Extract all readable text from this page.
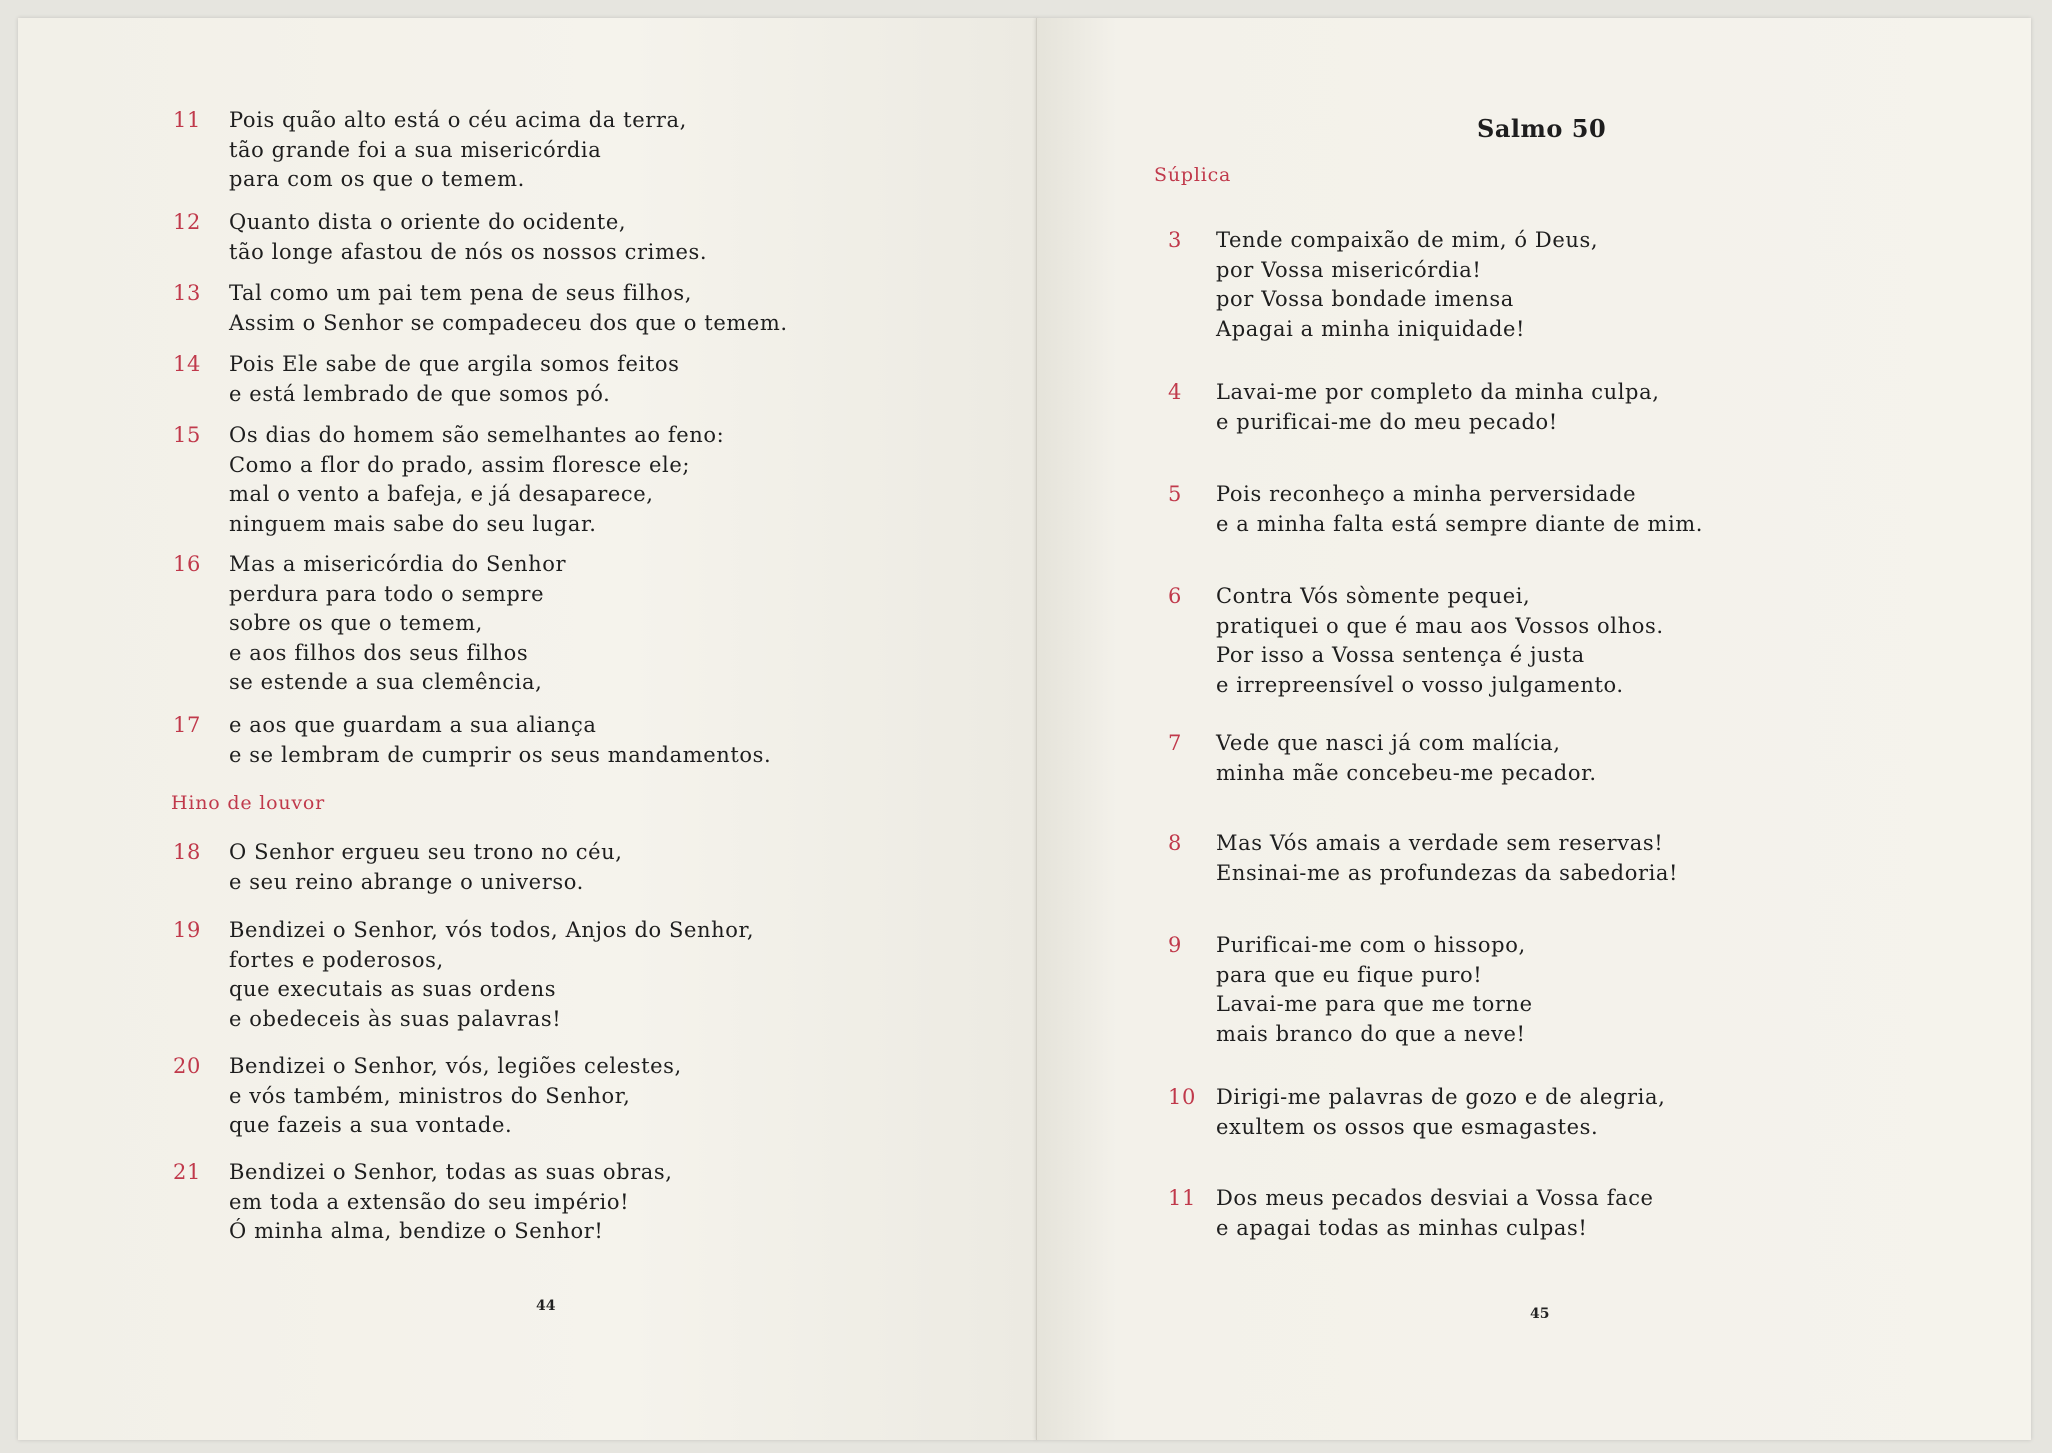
11 Pois quão alto está o céu acima da terra,
tão grande foi a sua misericórdia
para com os que o temem.
12 Quanto dista o oriente do ocidente,
tão longe afastou de nós os nossos crimes.
13 Tal como um pai tem pena de seus filhos,
Assim o Senhor se compadeceu dos que o temem.
14 Pois Ele sabe de que argila somos feitos
e está lembrado de que somos pó.
15 Os dias do homem são semelhantes ao feno:
Como a flor do prado, assim floresce ele;
mal o vento a bafeja, e já desaparece,
ninguem mais sabe do seu lugar.
16 Mas a misericórdia do Senhor
perdura para todo o sempre
sobre os que o temem,
e aos filhos dos seus filhos
se estende a sua clemência,
17 e aos que guardam a sua aliança
e se lembram de cumprir os seus mandamentos.
18 O Senhor ergueu seu trono no céu,
e seu reino abrange o universo.
19 Bendizei o Senhor, vós todos, Anjos do Senhor,
fortes e poderosos,
que executais as suas ordens
e obedeceis às suas palavras!
20 Bendizei o Senhor, vós, legiões celestes,
e vós também, ministros do Senhor,
que fazeis a sua vontade.
21 Bendizei o Senhor, todas as suas obras,
em toda a extensão do seu império!
Ó minha alma, bendize o Senhor!
Hino de louvor
44
Salmo 50
Súplica
3 Tende compaixão de mim, ó Deus,
por Vossa misericórdia!
por Vossa bondade imensa
Apagai a minha iniquidade!
4 Lavai-me por completo da minha culpa,
e purificai-me do meu pecado!
5 Pois reconheço a minha perversidade
e a minha falta está sempre diante de mim.
6 Contra Vós sòmente pequei,
pratiquei o que é mau aos Vossos olhos.
Por isso a Vossa sentença é justa
e irrepreensível o vosso julgamento.
7 Vede que nasci já com malícia,
minha mãe concebeu-me pecador.
8 Mas Vós amais a verdade sem reservas!
Ensinai-me as profundezas da sabedoria!
9 Purificai-me com o hissopo,
para que eu fique puro!
Lavai-me para que me torne
mais branco do que a neve!
10 Dirigi-me palavras de gozo e de alegria,
exultem os ossos que esmagastes.
11 Dos meus pecados desviai a Vossa face
e apagai todas as minhas culpas!
45
